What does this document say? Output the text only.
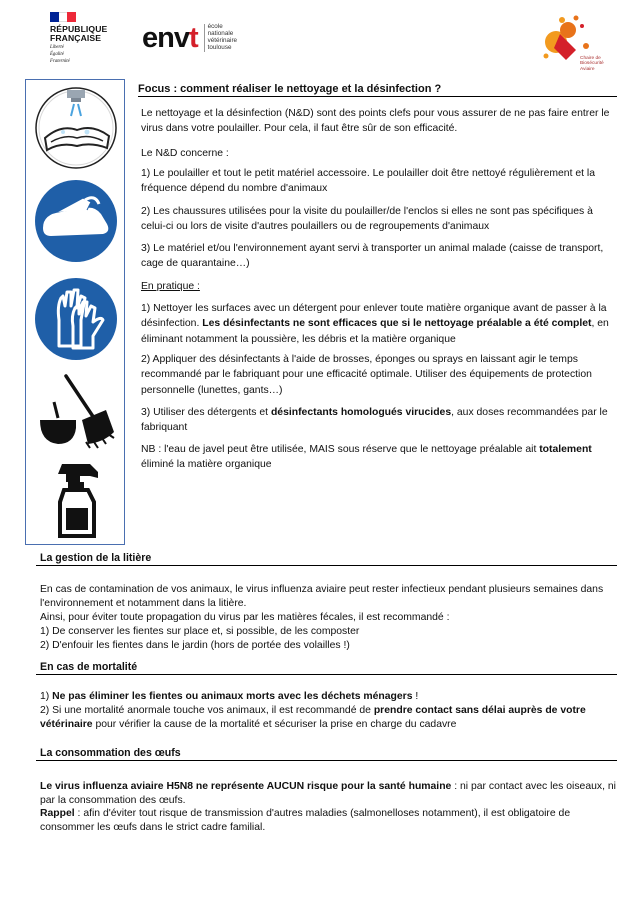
RÉPUBLIQUE
FRANÇAISE
Liberté
Égalité
Fraternité
envt école
nationale
vétérinaire
toulouse
Chaire de
Biosécurité
Aviaire
Focus : comment réaliser le nettoyage et la désinfection ?

Le nettoyage et la désinfection (N&D) sont des points clefs pour vous assurer de ne pas faire entrer le virus dans votre poulailler. Pour cela, il faut être sûr de son efficacité.

Le N&D concerne :

1) Le poulailler et tout le petit matériel accessoire. Le poulailler doit être nettoyé régulièrement et la fréquence dépend du nombre d'animaux

2) Les chaussures utilisées pour la visite du poulailler/de l'enclos si elles ne sont pas spécifiques à celui-ci ou lors de visite d'autres poulaillers ou de regroupements d'animaux

3) Le matériel et/ou l'environnement ayant servi à transporter un animal malade (caisse de transport, cage de quarantaine…)

En pratique :

1) Nettoyer les surfaces avec un détergent pour enlever toute matière organique avant de passer à la désinfection. Les désinfectants ne sont efficaces que si le nettoyage préalable a été complet, en éliminant notamment la poussière, les débris et la matière organique

2) Appliquer des désinfectants à l'aide de brosses, éponges ou sprays en laissant agir le temps recommandé par le fabriquant pour une efficacité optimale. Utiliser des équipements de protection personnelle (lunettes, gants…)

3) Utiliser des détergents et désinfectants homologués virucides, aux doses recommandées par le fabriquant

NB : l'eau de javel peut être utilisée, MAIS sous réserve que le nettoyage préalable ait totalement éliminé la matière organique

La gestion de la litière

En cas de contamination de vos animaux, le virus influenza aviaire peut rester infectieux pendant plusieurs semaines dans l'environnement et notamment dans la litière.

Ainsi, pour éviter toute propagation du virus par les matières fécales, il est recommandé :

1) De conserver les fientes sur place et, si possible, de les composter

2) D'enfouir les fientes dans le jardin (hors de portée des volailles !)

En cas de mortalité

1) Ne pas éliminer les fientes ou animaux morts avec les déchets ménagers !

2) Si une mortalité anormale touche vos animaux, il est recommandé de prendre contact sans délai auprès de votre vétérinaire pour vérifier la cause de la mortalité et sécuriser la prise en charge du cadavre

La consommation des œufs

Le virus influenza aviaire H5N8 ne représente AUCUN risque pour la santé humaine : ni par contact avec les oiseaux, ni par la consommation des œufs.

Rappel : afin d'éviter tout risque de transmission d'autres maladies (salmonelloses notamment), il est obligatoire de consommer les œufs dans le strict cadre familial.
